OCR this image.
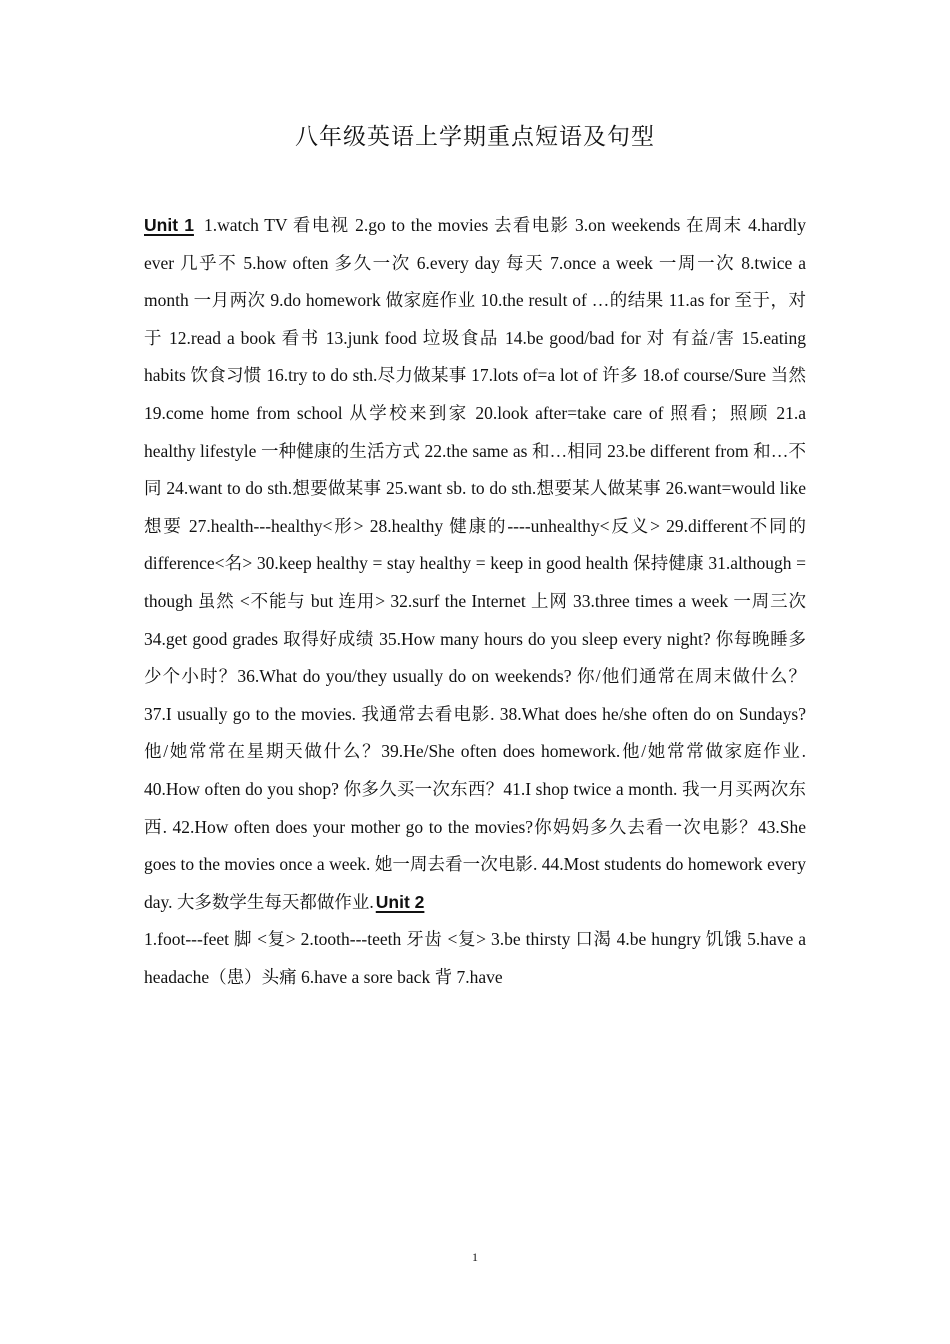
八年级英语上学期重点短语及句型
Unit 1 1.watch TV 看电视 2.go to the movies 去看电影 3.on weekends 在周末 4.hardly ever 几乎不 5.how often 多久一次 6.every day 每天 7.once a week 一周一次 8.twice a month 一月两次 9.do homework 做家庭作业 10.the result of …的结果 11.as for 至于，对于 12.read a book 看书 13.junk food 垃圾食品 14.be good/bad for 对 有益/害 15.eating habits 饮食习惯 16.try to do sth.尽力做某事 17.lots of=a lot of 许多 18.of course/Sure 当然 19.come home from school 从学校来到家 20.look after=take care of 照看；照顾 21.a healthy lifestyle 一种健康的生活方式 22.the same as 和…相同 23.be different from 和…不同 24.want to do sth.想要做某事 25.want sb. to do sth.想要某人做某事 26.want=would like 想要 27.health---healthy<形> 28.healthy 健康的----unhealthy<反义> 29.different不同的 difference<名> 30.keep healthy = stay healthy = keep in good health 保持健康 31.although = though 虽然 <不能与 but 连用> 32.surf the Internet 上网 33.three times a week 一周三次 34.get good grades 取得好成绩 35.How many hours do you sleep every night? 你每晚睡多少个小时？36.What do you/they usually do on weekends? 你/他们通常在周末做什么？ 37.I usually go to the movies. 我通常去看电影. 38.What does he/she often do on Sundays?他/她常常在星期天做什么？39.He/She often does homework.他/她常常做家庭作业. 40.How often do you shop? 你多久买一次东西？41.I shop twice a month. 我一月买两次东西. 42.How often does your mother go to the movies?你妈妈多久去看一次电影？43.She goes to the movies once a week. 她一周去看一次电影. 44.Most students do homework every day. 大多数学生每天都做作业. Unit 2
1.foot---feet 脚 <复> 2.tooth---teeth 牙齿 <复> 3.be thirsty 口渴 4.be hungry 饥饿 5.have a headache（患）头痛 6.have a sore back 背 7.have
1
